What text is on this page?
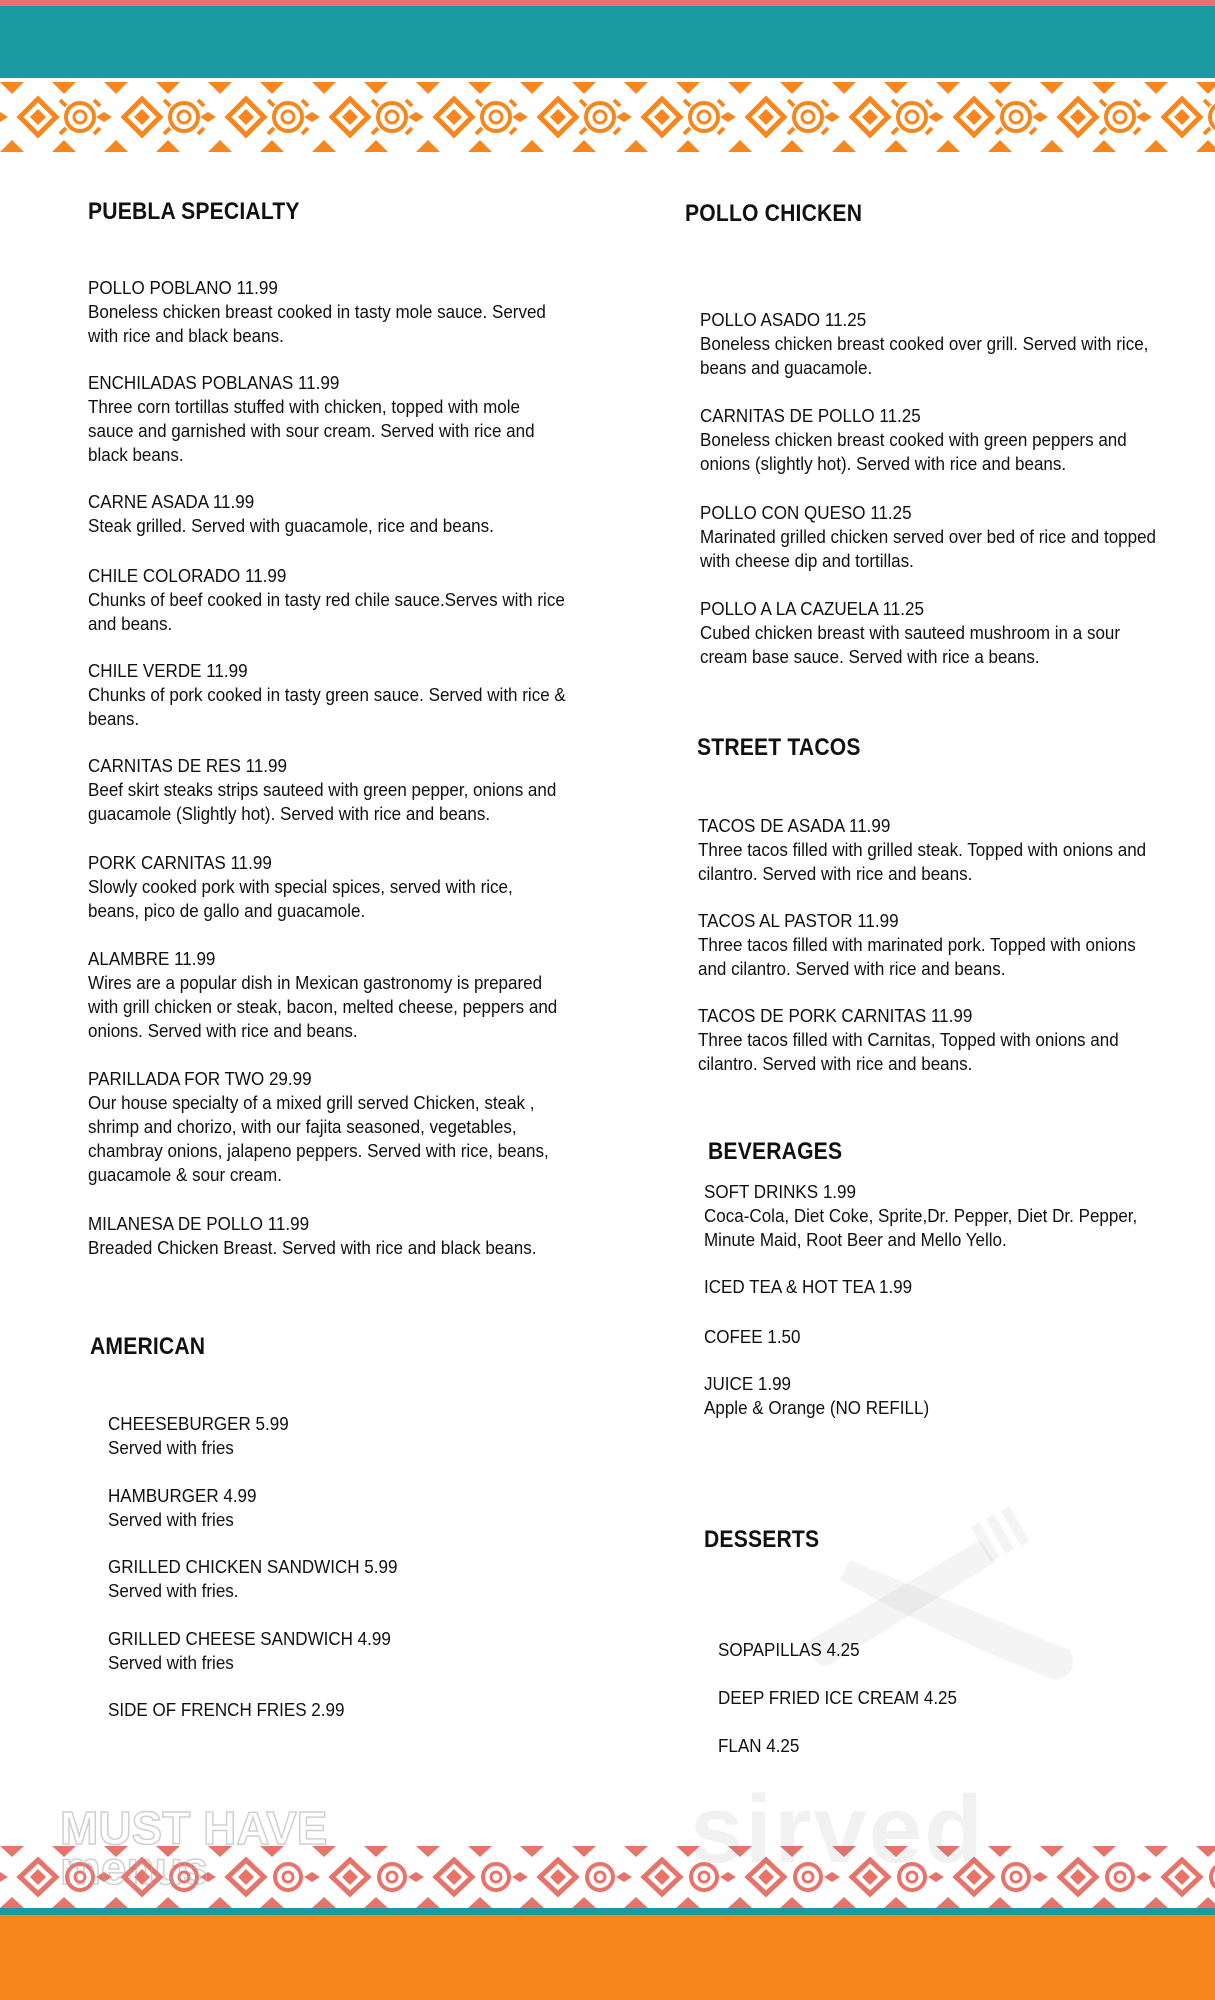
PUEBLA SPECIALTY
POLLO POBLANO 11.99
Boneless chicken breast cooked in tasty mole sauce. Served with rice and black beans.
ENCHILADAS POBLANAS 11.99
Three corn tortillas stuffed with chicken, topped with mole sauce and garnished with sour cream. Served with rice and black beans.
CARNE ASADA 11.99
Steak grilled. Served with guacamole, rice and beans.
CHILE COLORADO 11.99
Chunks of beef cooked in tasty red chile sauce.Serves with rice and beans.
CHILE VERDE 11.99
Chunks of pork cooked in tasty green sauce. Served with rice & beans.
CARNITAS DE RES 11.99
Beef skirt steaks strips sauteed with green pepper, onions and guacamole (Slightly hot). Served with rice and beans.
PORK CARNITAS 11.99
Slowly cooked pork with special spices, served with rice, beans, pico de gallo and guacamole.
ALAMBRE 11.99
Wires are a popular dish in Mexican gastronomy is prepared with grill chicken or steak, bacon, melted cheese, peppers and onions. Served with rice and beans.
PARILLADA FOR TWO 29.99
Our house specialty of a mixed grill served Chicken, steak , shrimp and chorizo, with our fajita seasoned, vegetables, chambray onions, jalapeno peppers. Served with rice, beans, guacamole & sour cream.
MILANESA DE POLLO 11.99
Breaded Chicken Breast. Served with rice and black beans.
AMERICAN
CHEESEBURGER 5.99
Served with fries
HAMBURGER 4.99
Served with fries
GRILLED CHICKEN SANDWICH 5.99
Served with fries.
GRILLED CHEESE SANDWICH 4.99
Served with fries
SIDE OF FRENCH FRIES 2.99
POLLO CHICKEN
POLLO ASADO 11.25
Boneless chicken breast cooked over grill. Served with rice, beans and guacamole.
CARNITAS DE POLLO 11.25
Boneless chicken breast cooked with green peppers and onions (slightly hot). Served with rice and beans.
POLLO CON QUESO 11.25
Marinated grilled chicken served over bed of rice and topped with cheese dip and tortillas.
POLLO A LA CAZUELA 11.25
Cubed chicken breast with sauteed mushroom in a sour cream base sauce. Served with rice a beans.
STREET TACOS
TACOS DE ASADA 11.99
Three tacos filled with grilled steak. Topped with onions and cilantro. Served with rice and beans.
TACOS AL PASTOR 11.99
Three tacos filled with marinated pork. Topped with onions and cilantro. Served with rice and beans.
TACOS DE PORK CARNITAS 11.99
Three tacos filled with Carnitas, Topped with onions and cilantro. Served with rice and beans.
BEVERAGES
SOFT DRINKS 1.99
Coca-Cola, Diet Coke, Sprite,Dr. Pepper, Diet Dr. Pepper, Minute Maid, Root Beer and Mello Yello.
ICED TEA & HOT TEA 1.99
COFEE 1.50
JUICE 1.99
Apple & Orange (NO REFILL)
DESSERTS
SOPAPILLAS 4.25
DEEP FRIED ICE CREAM 4.25
FLAN 4.25
sirved
MUST HAVE
menus
